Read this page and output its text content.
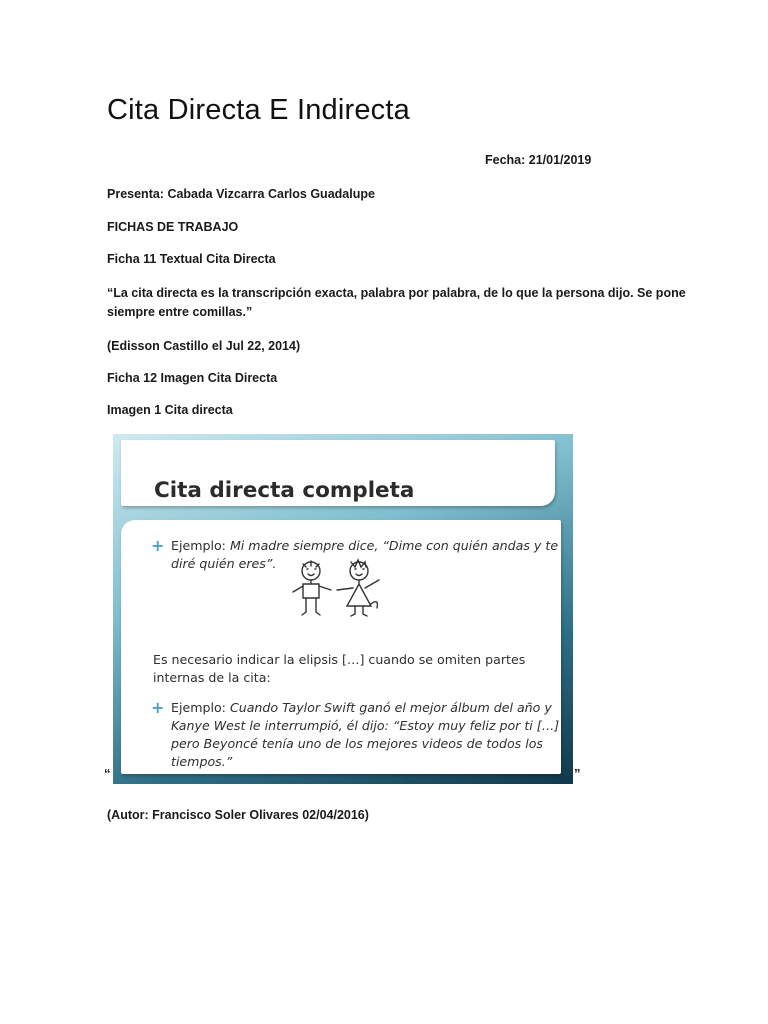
Cita Directa E Indirecta
Fecha: 21/01/2019
Presenta: Cabada Vizcarra Carlos Guadalupe
FICHAS DE TRABAJO
Ficha 11 Textual Cita Directa
“La cita directa es la transcripción exacta, palabra por palabra, de lo que la persona dijo. Se pone
siempre entre comillas.”
(Edisson Castillo el Jul 22, 2014)
Ficha 12 Imagen Cita Directa
Imagen 1 Cita directa
Cita directa completa
+ Ejemplo: Mi madre siempre dice, “Dime con quién andas y te
diré quién eres”.
Es necesario indicar la elipsis […] cuando se omiten partes
internas de la cita:
+ Ejemplo: Cuando Taylor Swift ganó el mejor álbum del año y
Kanye West le interrumpió, él dijo: “Estoy muy feliz por ti […]
pero Beyoncé tenía uno de los mejores videos de todos los
tiempos.”
“	”
(Autor: Francisco Soler Olivares 02/04/2016)
